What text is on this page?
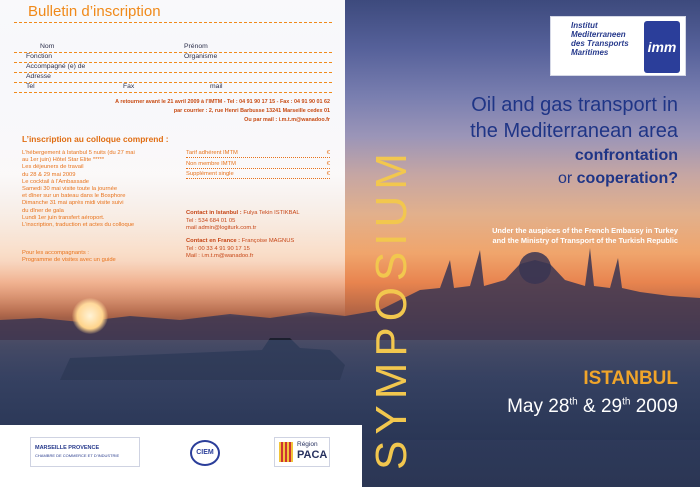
Bulletin d’inscription
Nom	Prénom
Fonction	Organisme
Accompagné (e) de
Adresse
Tel	Fax	mail
A retourner avant le 21 avril 2009 à l’IMTM - Tel : 04 91 90 17 15 - Fax : 04 91 90 01 62
par courrier : 2, rue Henri Barbusse 13241 Marseille cedex 01
Ou par mail : i.m.t.m@wanadoo.fr
L’inscription au colloque comprend :
L’hébergement à Istanbul 5 nuits (du 27 mai
au 1er juin) Hôtel Star Elite *****
Les déjeuners de travail
du 28 & 29 mai 2009
Le cocktail à l’Ambassade
Samedi 30 mai visite toute la journée
et dîner sur un bateau dans le Bosphore
Dimanche 31 mai après midi visite suivi
du dîner de gala
Lundi 1er juin transfert aéroport.
L’inscription, traduction et actes du colloque
Pour les accompagnants :
Programme de visites avec un guide
Tarif adhérent IMTM	€
Non membre IMTM	€
Supplément single	€
Contact in Istanbul : Fulya Tekin ISTIKBAL
Tel : 534 684 01 05
mail admin@logiturk.com.tr
Contact en France : Françoise MAGNUS
Tel : 00 33 4 91 90 17 15
Mail : i.m.t.m@wanadoo.fr	SYMPOSIUM
Institut
Mediterraneen
des Transports
Maritimes	imm
Oil and gas transport in
the Mediterranean area
confrontation
or cooperation?
Under the auspices of the French Embassy in Turkey
and the Ministry of Transport of the Turkish Republic
ISTANBUL
May 28th & 29th 2009
MARSEILLE PROVENCE
CHAMBRE DE COMMERCE ET D’INDUSTRIE	CIEM
Région
PACA
